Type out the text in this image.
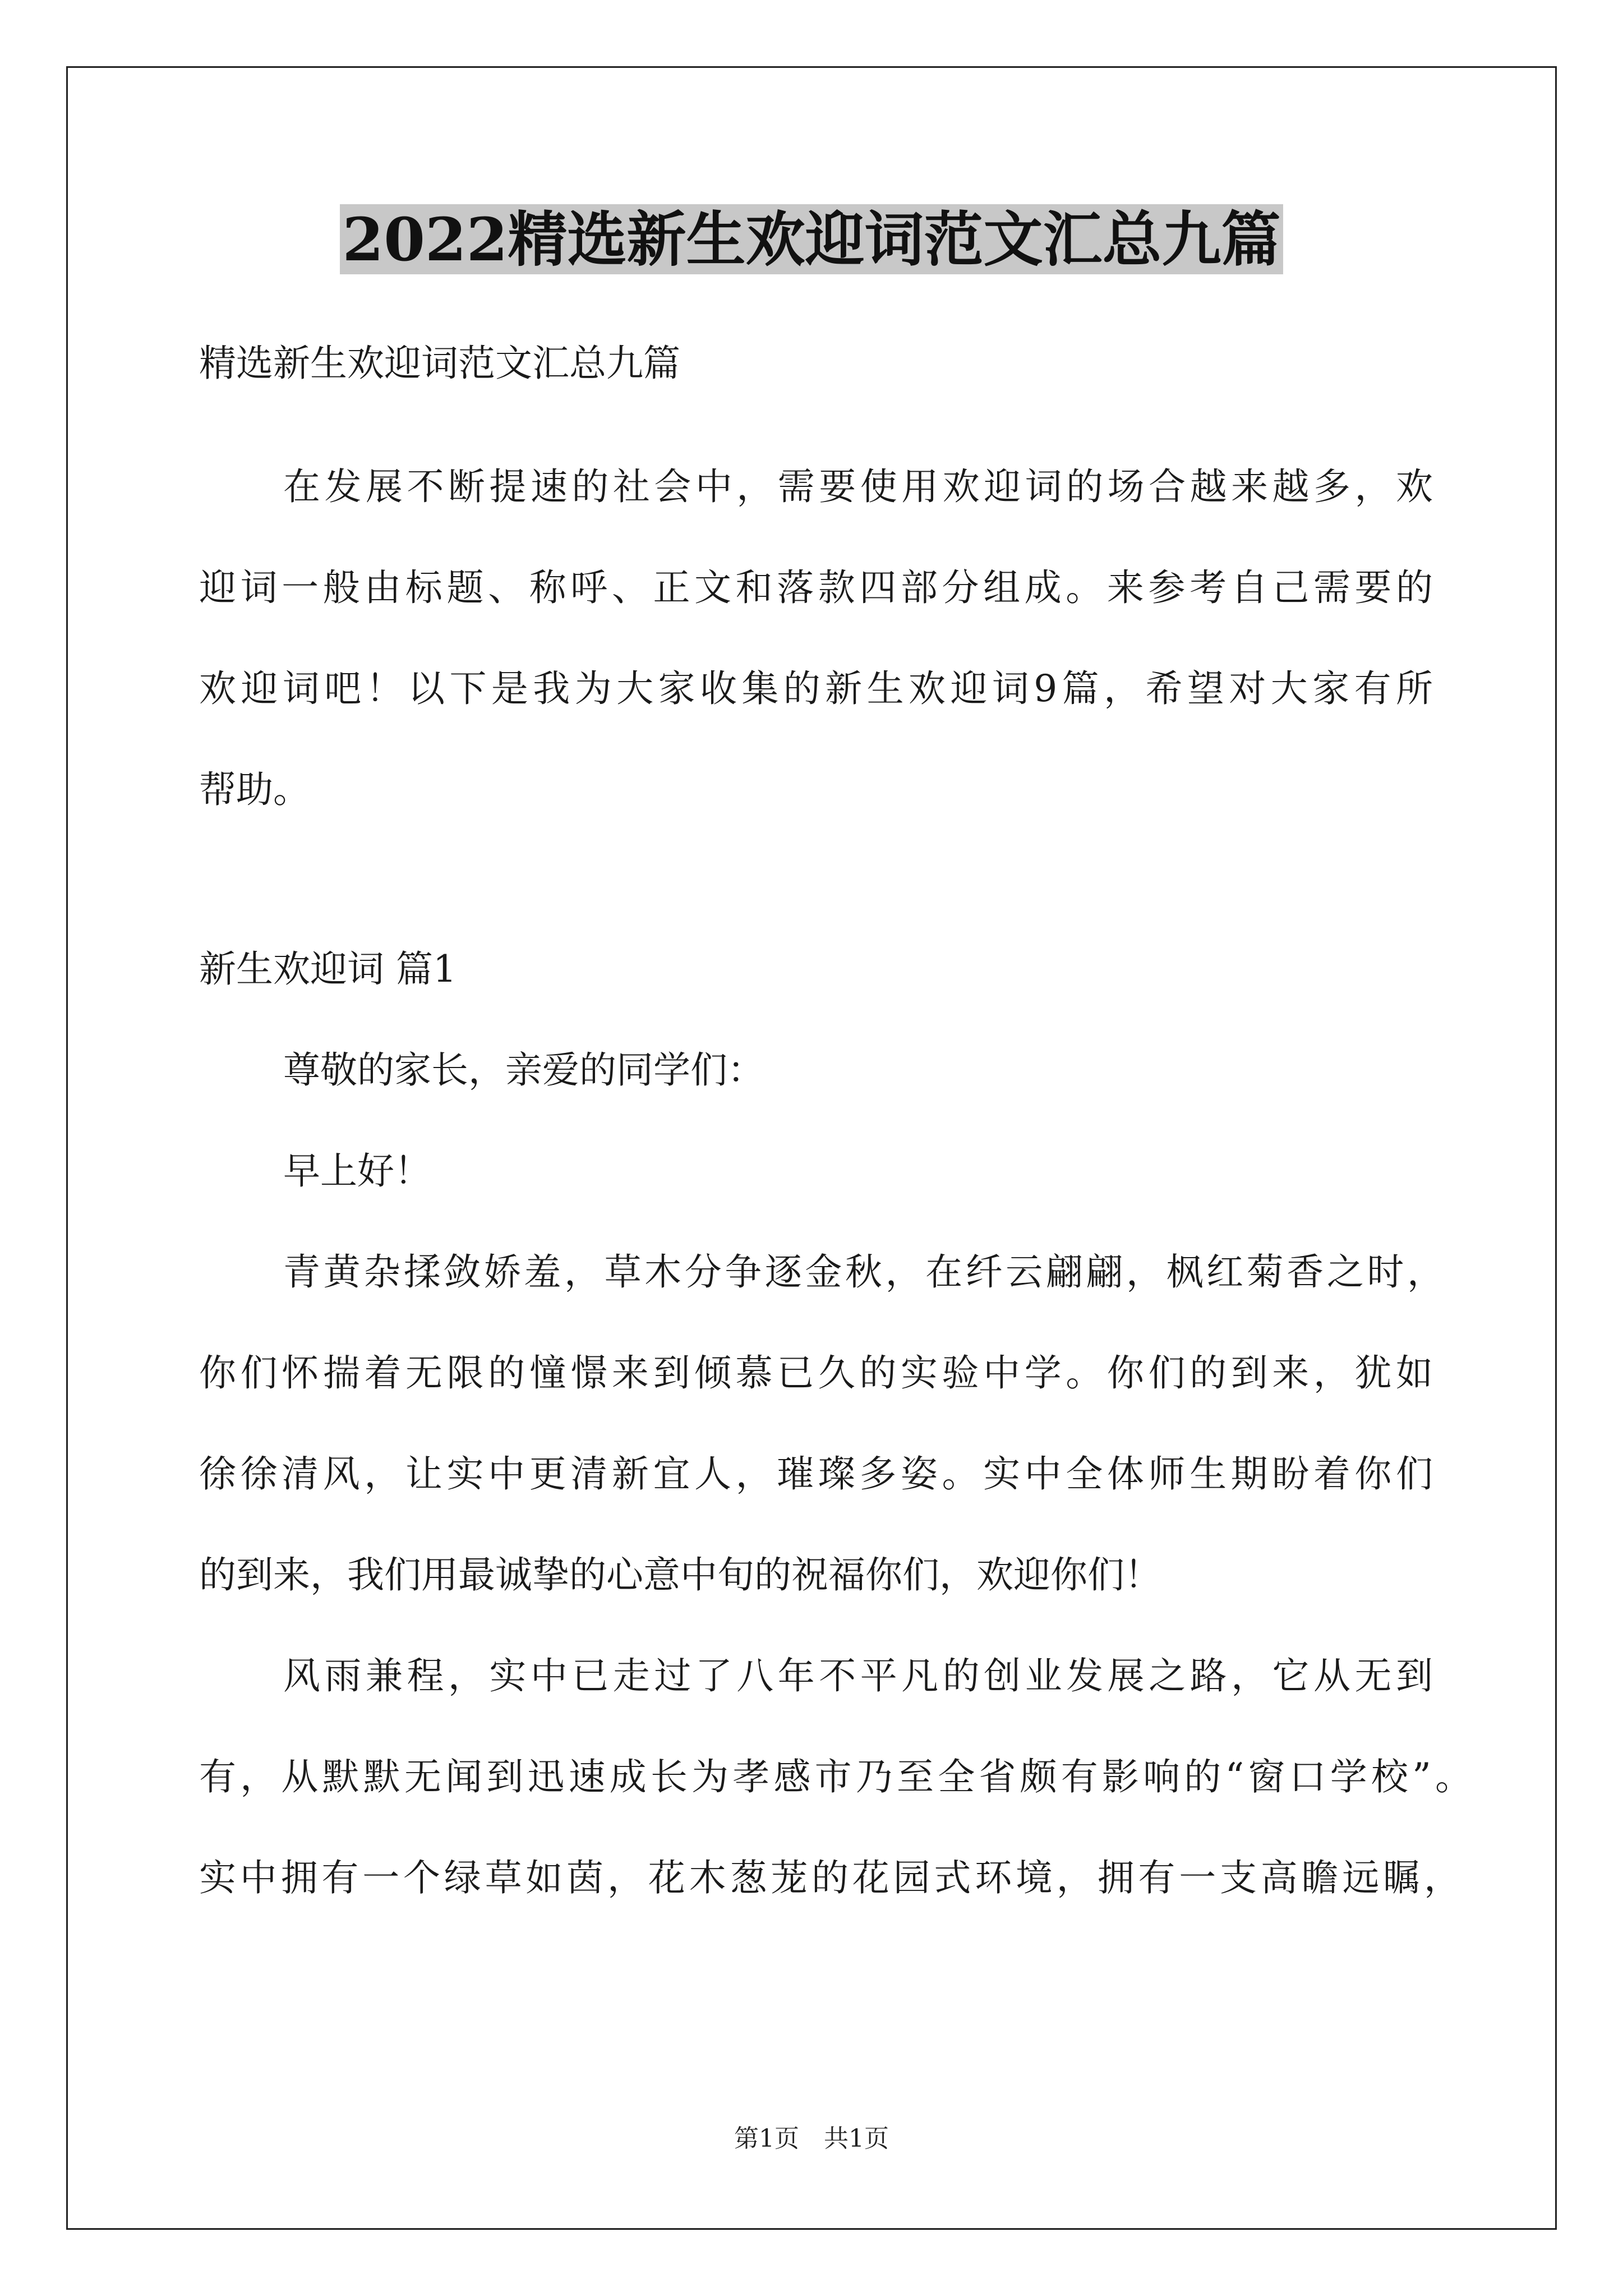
2022精选新生欢迎词范文汇总九篇

精选新生欢迎词范文汇总九篇

在发展不断提速的社会中，需要使用欢迎词的场合越来越多，欢

迎词一般由标题、称呼、正文和落款四部分组成。来参考自己需要的

欢迎词吧！以下是我为大家收集的新生欢迎词9篇，希望对大家有所

帮助。

新生欢迎词 篇1

尊敬的家长，亲爱的同学们：

早上好！

青黄杂揉敛娇羞，草木分争逐金秋，在纤云翩翩，枫红菊香之时，

你们怀揣着无限的憧憬来到倾慕已久的实验中学。你们的到来，犹如

徐徐清风，让实中更清新宜人，璀璨多姿。实中全体师生期盼着你们

的到来，我们用最诚挚的心意中旬的祝福你们，欢迎你们！

风雨兼程，实中已走过了八年不平凡的创业发展之路，它从无到

有，从默默无闻到迅速成长为孝感市乃至全省颇有影响的“窗口学校”。

实中拥有一个绿草如茵，花木葱茏的花园式环境，拥有一支高瞻远瞩，

第1页　共1页
